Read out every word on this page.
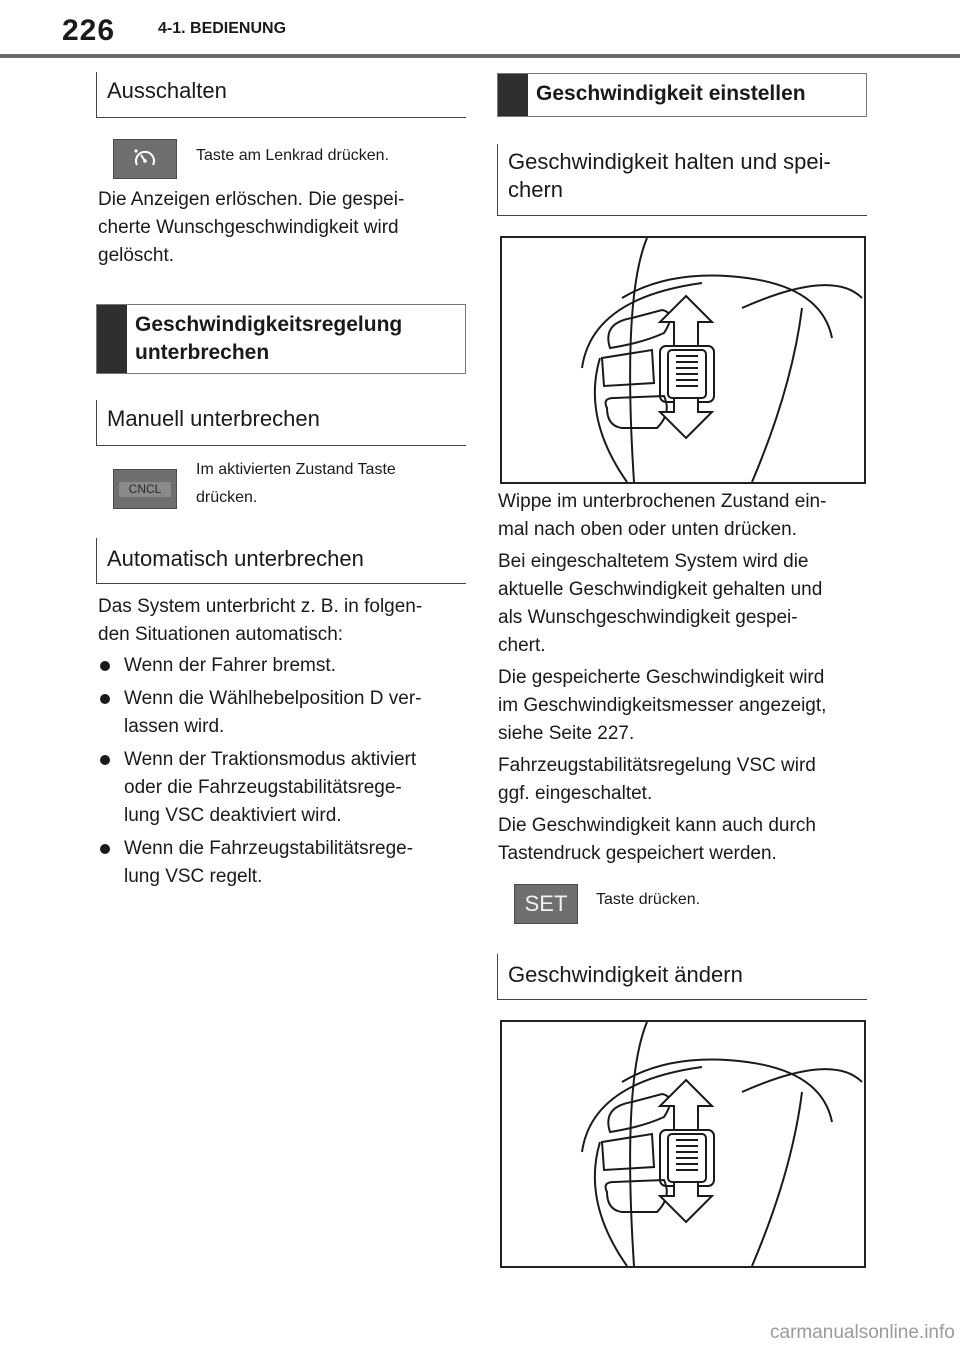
226	4-1. BEDIENUNG
Ausschalten
Taste am Lenkrad drücken.

Die Anzeigen erlöschen. Die gespei-
cherte Wunschgeschwindigkeit wird
gelöscht.

Geschwindigkeitsregelung
unterbrechen
Manuell unterbrechen
CNCL
Im aktivierten Zustand Taste
drücken.
Automatisch unterbrechen

Das System unterbricht z. B. in folgen-
den Situationen automatisch:

Wenn der Fahrer bremst.
Wenn die Wählhebelposition D ver-
lassen wird.
Wenn der Traktionsmodus aktiviert
oder die Fahrzeugstabilitätsrege-
lung VSC deaktiviert wird.
Wenn die Fahrzeugstabilitätsrege-
lung VSC regelt.
Geschwindigkeit einstellen
Geschwindigkeit halten und spei-
chern

Wippe im unterbrochenen Zustand ein-
mal nach oben oder unten drücken.

Bei eingeschaltetem System wird die
aktuelle Geschwindigkeit gehalten und
als Wunschgeschwindigkeit gespei-
chert.

Die gespeicherte Geschwindigkeit wird
im Geschwindigkeitsmesser angezeigt,
siehe Seite 227.

Fahrzeugstabilitätsregelung VSC wird
ggf. eingeschaltet.

Die Geschwindigkeit kann auch durch
Tastendruck gespeichert werden.

SET Taste drücken.
Geschwindigkeit ändern
carmanualsonline.info
